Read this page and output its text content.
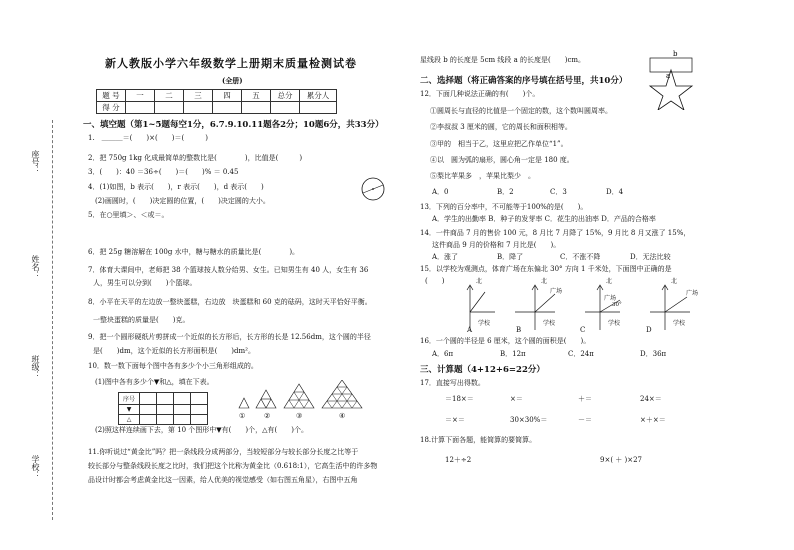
座号：
姓名：
班级：
学校：
新人教版小学六年级数学上册期末质量检测试卷
(全册)
题 号	一	二	三	四	五	总分	累分人
得 分							
一、填空题（第1~5题每空1分，6.7.9.10.11题各2分；10题6分，共33分）
1.　＿＿＿＝(　　)×(　　)＝(　　　)
2．把 750g 1kg 化成最简单的整数比是(　　　　)，比值是(　　　)
3．(　　)：40 ＝36÷(　　)＝(　　)% ＝ 0.45
4．(1)如图，b 表示(　　)，r 表示(　　)，d 表示(　　)
(2)画圆时，(　　)决定圆的位置，(　　)决定圆的大小。
5．在○里填＞、＜或＝。
6．把 25g 糖溶解在 100g 水中，糖与糖水的质量比是(　　　　)。
7．体育大课间中，老师把 38 个篮球按人数分给男、女生。已知男生有 40 人，女生有 36
人，男生可以分到(　　)个篮球。
8．小平在天平的左边放一整块蛋糕，右边放　块蛋糕和 60 克的砝码，这时天平恰好平衡。
一整块蛋糕的质量是(　　)克。
9．把一个圆形硬纸片剪拼成一个近似的长方形后，长方形的长是 12.56dm，这个圆的半径
是(　　)dm，这个近似的长方形面积是(　　)dm²。
10．数一数下面每个图中各有多少个小三角形组成的。
(1)图中各有多少个▼和△，填在下表。
序号				
▼				
△					①	②	③	④
(2)照这样连续画下去，第 10 个图形中▼有(　　)个，△有(　　)个。
11.你听说过“黄金比”吗？把一条线段分成两部分，当较短部分与较长部分长度之比等于
较长部分与整条线段长度之比时，我们把这个比称为黄金比（0.618:1），它高生活中的许多物
品设计时都会考虑黄金比这一因素，给人优美的视觉感受（如右图五角星），右图中五角
星线段 b 的长度是 5cm 线段 a 的长度是(　　)cm。
b
a
二、选择题（将正确答案的序号填在括号里，共10分）
12．下面几种说法正确的有(　　)个。
①圆周长与直径的比值是一个固定的数，这个数叫圆周率。
②李叔叔 3 厘米的圆，它的周长和面积相等。
③甲的　相当于乙，这里应把乙作单位“1”。
④以　圆为弧的扇形，圆心角一定是 180 度。
⑤梨比苹果多　，苹果比梨少　。
A．0	B．2	C．3	D．4
13．下列的百分率中，不可能等于100%的是(　　)。
A．学生的出勤率 B．种子的发芽率 C．花生的出油率 D．产品的合格率
14．一件商品 7 月的售价 100 元，8 月比 7 月降了 15%，9 月比 8 月又涨了 15%，
这件商品 9 月的价格和 7 月比是(　　)。
A．涨了	B．降了	C．不涨不降	D．无法比较
15．以学校为观测点，体育广场在东偏北 30° 方向 1 千米处，下面图中正确的是
(　　)	北	北	北	北
广场
广场
广场
30°
学校	学校	学校	学校
A	B	C	D
16．一个圆的半径是 6 厘米，这个圆的面积是(　　)。
A．6π	B．12π	C．24π	D．36π
三、计算题（4+12+6=22分）
17．直接写出得数。
＝18×＝	×＝	＋＝	24×＝
＝×＝	30×30%＝	－＝	×＋×＝
18.计算下面各题，能简算的要简算。
12＋÷2	9×( ＋ )×27
